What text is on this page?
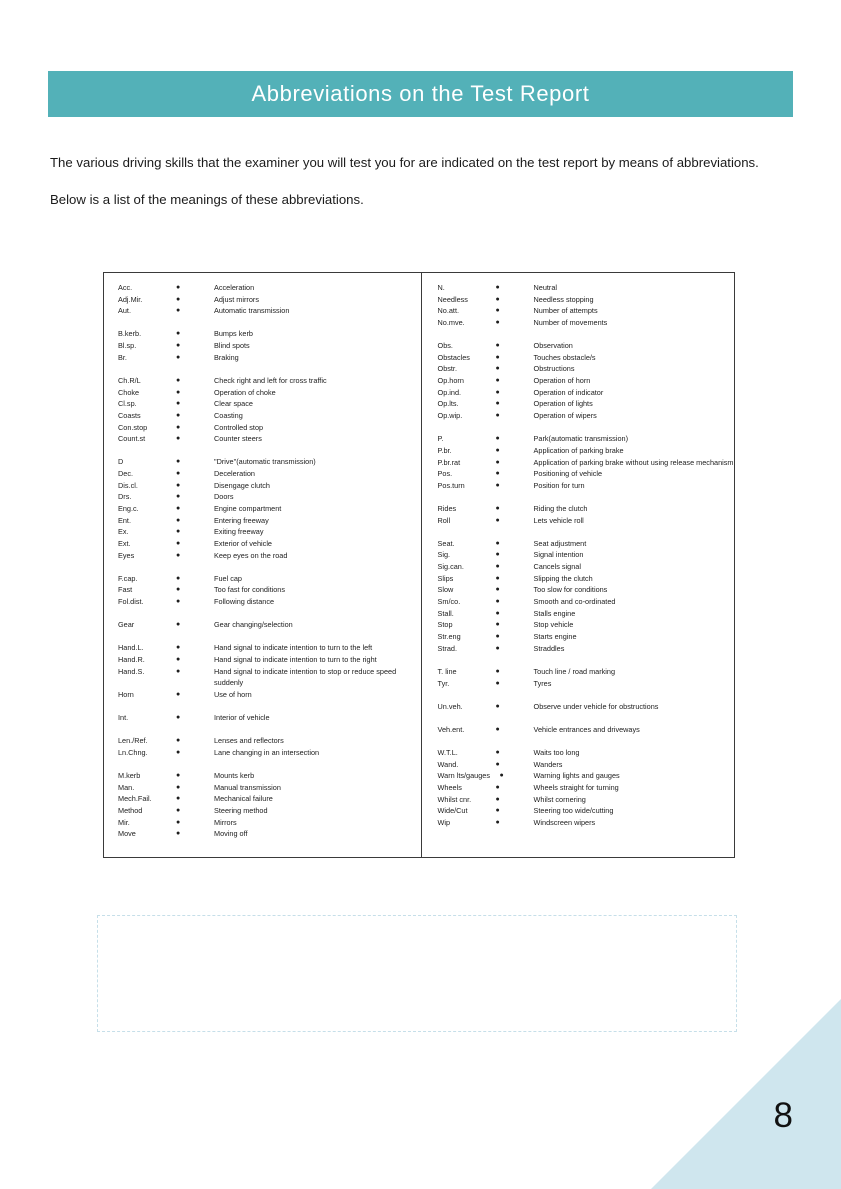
Abbreviations on the Test Report

The various driving skills that the examiner you will test you for are indicated on the test report by means of abbreviations.

Below is a list of the meanings of these abbreviations.

Acc.	●	Acceleration
Adj.Mir.	●	Adjust mirrors
Aut.	●	Automatic transmission
B.kerb.	●	Bumps kerb
Bl.sp.	●	Blind spots
Br.	●	Braking
Ch.R/L	●	Check right and left for cross traffic
Choke	●	Operation of choke
Cl.sp.	●	Clear space
Coasts	●	Coasting
Con.stop	●	Controlled stop
Count.st	●	Counter steers
D	●	"Drive"(automatic transmission)
Dec.	●	Deceleration
Dis.cl.	●	Disengage clutch
Drs.	●	Doors
Eng.c.	●	Engine compartment
Ent.	●	Entering freeway
Ex.	●	Exiting freeway
Ext.	●	Exterior of vehicle
Eyes	●	Keep eyes on the road
F.cap.	●	Fuel cap
Fast	●	Too fast for conditions
Fol.dist.	●	Following distance
Gear	●	Gear changing/selection
Hand.L.	●	Hand signal to indicate intention to turn to the left
Hand.R.	●	Hand signal to indicate intention to turn to the right
Hand.S.	●	Hand signal to indicate intention to stop or reduce speed suddenly
Horn	●	Use of horn
Int.	●	Interior of vehicle
Len./Ref.	●	Lenses and reflectors
Ln.Chng.	●	Lane changing in an intersection
M.kerb	●	Mounts kerb
Man.	●	Manual transmission
Mech.Fail.	●	Mechanical failure
Method	●	Steering method
Mir.	●	Mirrors
Move	●	Moving off
N.	●	Neutral
Needless	●	Needless stopping
No.att.	●	Number of attempts
No.mve.	●	Number of movements
Obs.	●	Observation
Obstacles	●	Touches obstacle/s
Obstr.	●	Obstructions
Op.horn	●	Operation of horn
Op.ind.	●	Operation of indicator
Op.lts.	●	Operation of lights
Op.wip.	●	Operation of wipers
P.	●	Park(automatic transmission)
P.br.	●	Application of parking brake
P.br.rat	●	Application of parking brake without using release mechanism
Pos.	●	Positioning of vehicle
Pos.turn	●	Position for turn
Rides	●	Riding the clutch
Roll	●	Lets vehicle roll
Seat.	●	Seat adjustment
Sig.	●	Signal intention
Sig.can.	●	Cancels signal
Slips	●	Slipping the clutch
Slow	●	Too slow for conditions
Sm/co.	●	Smooth and co-ordinated
Stall.	●	Stalls engine
Stop	●	Stop vehicle
Str.eng	●	Starts engine
Strad.	●	Straddles
T. line	●	Touch line / road marking
Tyr.	●	Tyres
Un.veh.	●	Observe under vehicle for obstructions
Veh.ent.	●	Vehicle entrances and driveways
W.T.L.	●	Waits too long
Wand.	●	Wanders
Warn lts/gauges	●	Warning lights and gauges
Wheels	●	Wheels straight for turning
Whilst cnr.	●	Whilst cornering
Wide/Cut	●	Steering too wide/cutting
Wip	●	Windscreen wipers
8
